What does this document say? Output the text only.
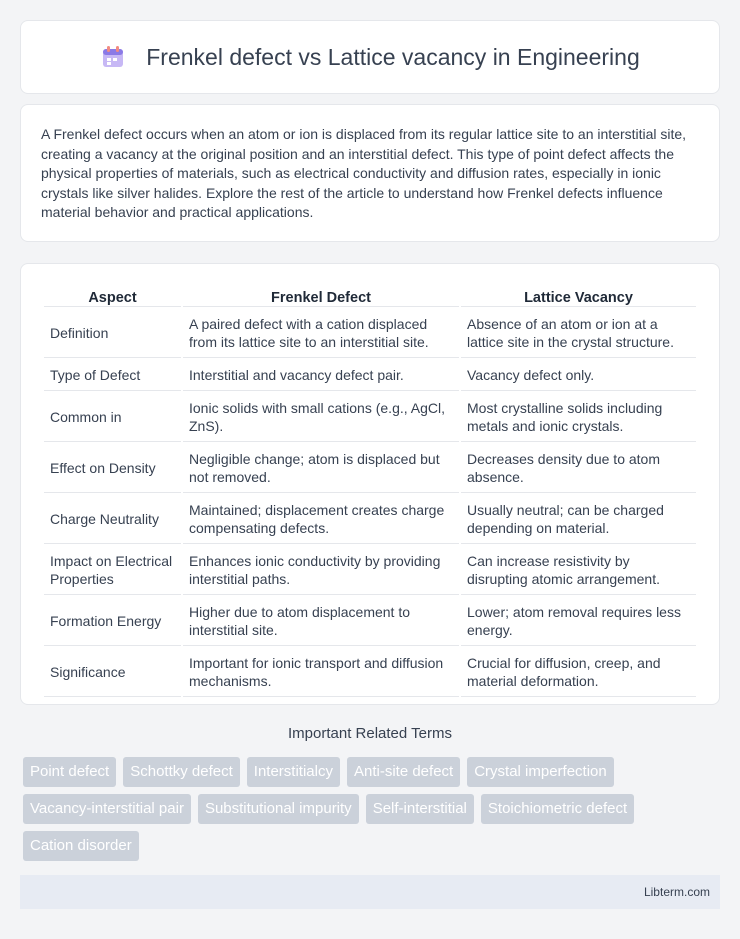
Frenkel defect vs Lattice vacancy in Engineering

A Frenkel defect occurs when an atom or ion is displaced from its regular lattice site to an interstitial site, creating a vacancy at the original position and an interstitial defect. This type of point defect affects the physical properties of materials, such as electrical conductivity and diffusion rates, especially in ionic crystals like silver halides. Explore the rest of the article to understand how Frenkel defects influence material behavior and practical applications.

Aspect	Frenkel Defect	Lattice Vacancy
Definition	A paired defect with a cation displaced from its lattice site to an interstitial site.	Absence of an atom or ion at a lattice site in the crystal structure.
Type of Defect	Interstitial and vacancy defect pair.	Vacancy defect only.
Common in	Ionic solids with small cations (e.g., AgCl, ZnS).	Most crystalline solids including metals and ionic crystals.
Effect on Density	Negligible change; atom is displaced but not removed.	Decreases density due to atom absence.
Charge Neutrality	Maintained; displacement creates charge compensating defects.	Usually neutral; can be charged depending on material.
Impact on Electrical Properties	Enhances ionic conductivity by providing interstitial paths.	Can increase resistivity by disrupting atomic arrangement.
Formation Energy	Higher due to atom displacement to interstitial site.	Lower; atom removal requires less energy.
Significance	Important for ionic transport and diffusion mechanisms.	Crucial for diffusion, creep, and material deformation.
Important Related Terms
Point defect	Schottky defect	Interstitialcy	Anti-site defect	Crystal imperfection
Vacancy-interstitial pair	Substitutional impurity	Self-interstitial	Stoichiometric defect
Cation disorder
Libterm.com
